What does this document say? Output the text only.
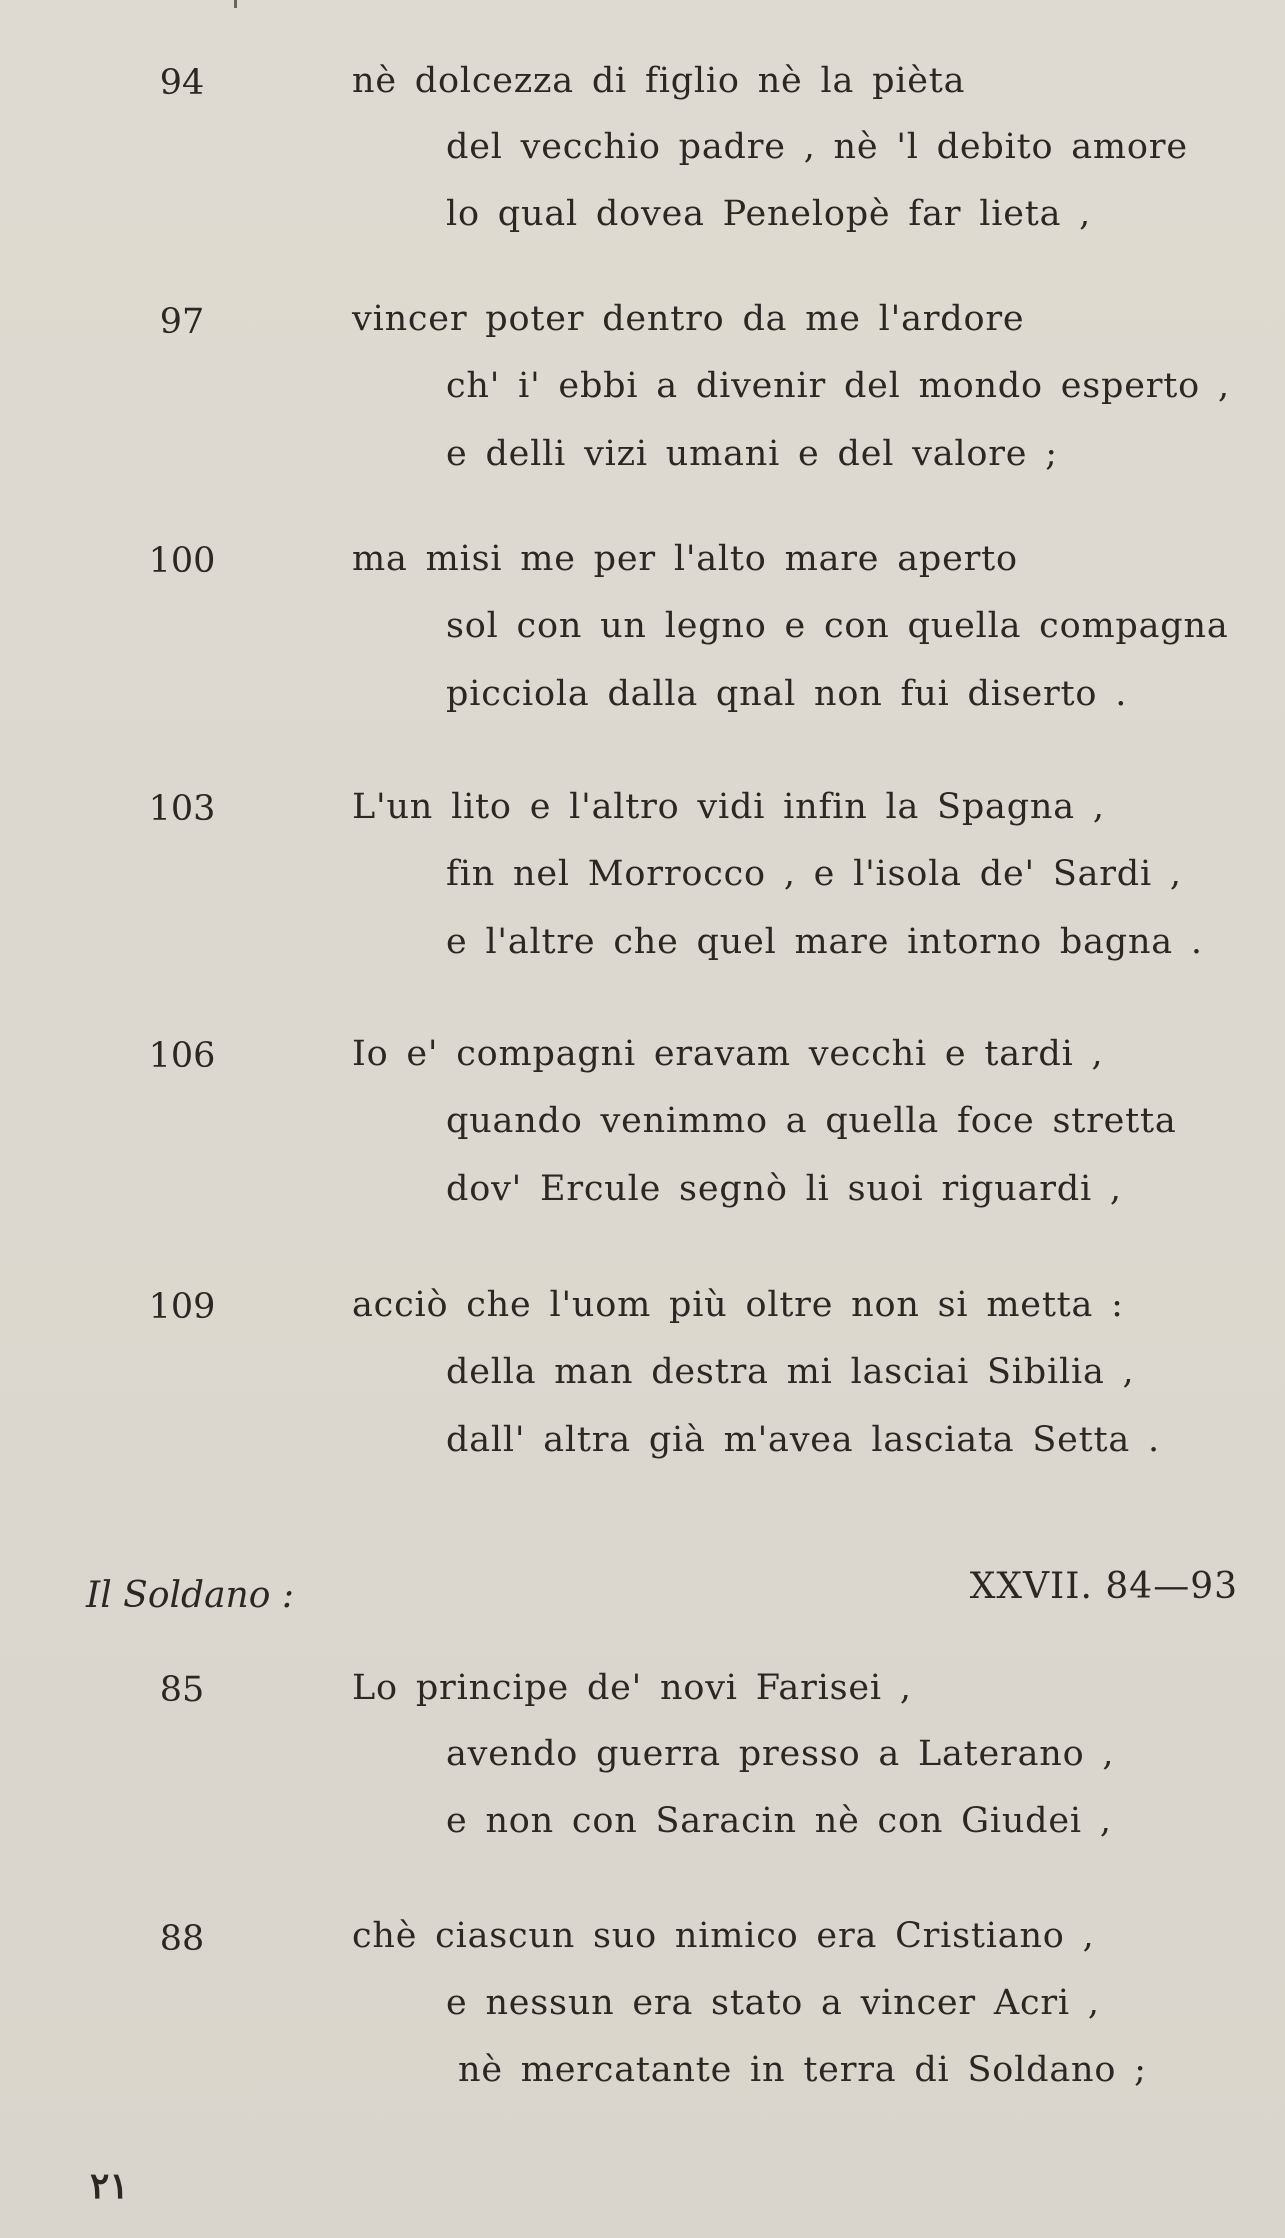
94	nè dolcezza di figlio nè la pièta
del vecchio padre , nè 'l debito amore
lo qual dovea Penelopè far lieta ,
97	vincer poter dentro da me l'ardore
ch' i' ebbi a divenir del mondo esperto ,
e delli vizi umani e del valore ;
100	ma misi me per l'alto mare aperto
sol con un legno e con quella compagna
picciola dalla qnal non fui diserto .
103	L'un lito e l'altro vidi infin la Spagna ,
fin nel Morrocco , e l'isola de' Sardi ,
e l'altre che quel mare intorno bagna .
106	Io e' compagni eravam vecchi e tardi ,
quando venimmo a quella foce stretta
dov' Ercule segnò li suoi riguardi ,
109	acciò che l'uom più oltre non si metta :
della man destra mi lasciai Sibilia ,
dall' altra già m'avea lasciata Setta .
Il Soldano :	XXVII. 84—93
85	Lo principe de' novi Farisei ,
avendo guerra presso a Laterano ,
e non con Saracin nè con Giudei ,
88	chè ciascun suo nimico era Cristiano ,
e nessun era stato a vincer Acri ,
nè mercatante in terra di Soldano ;
٢١
